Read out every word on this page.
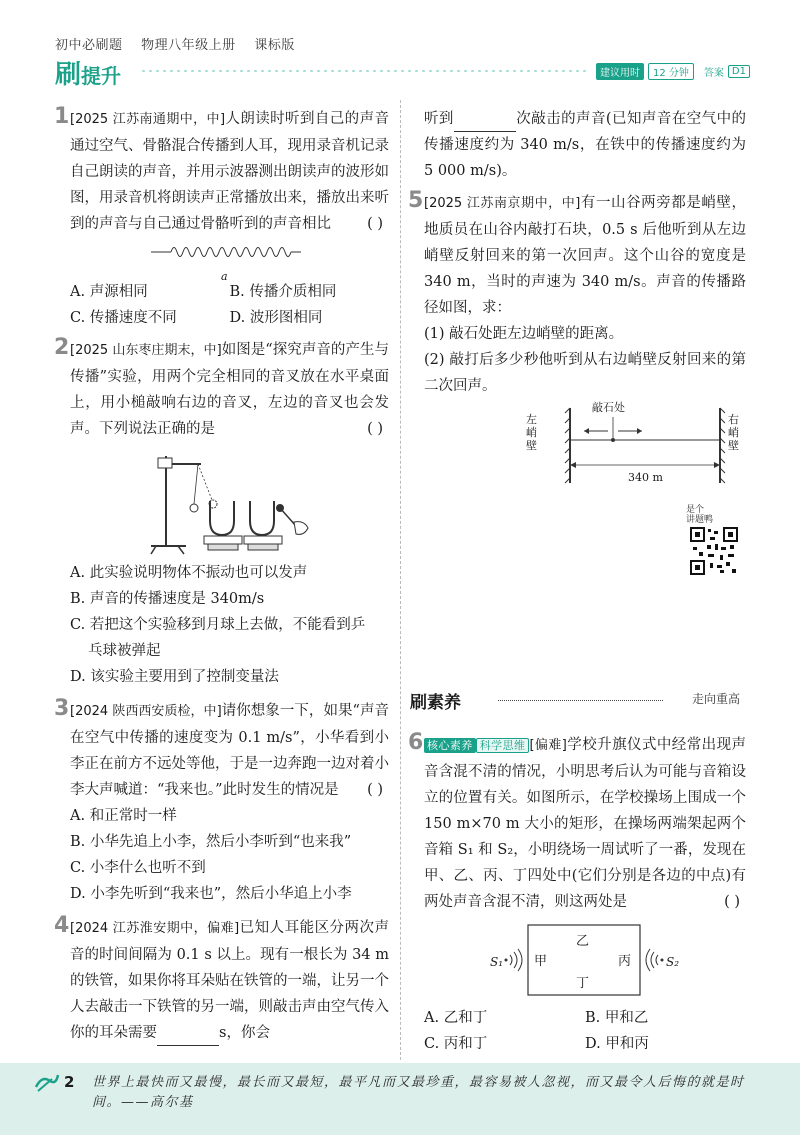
初中必刷题 物理八年级上册 课标版
刷提升	建议用时	12 分钟	答案 D1
1 [2025 江苏南通期中，中]人朗读时听到自己的声音通过空气、骨骼混合传播到人耳，现用录音机记录自己朗读的声音，并用示波器测出朗读声的波形如图，用录音机将朗读声正常播放出来，播放出来听到的声音与自己通过骨骼听到的声音相比 ( )
a
A. 声源相同	B. 传播介质相同
C. 传播速度不同	D. 波形图相同
2 [2025 山东枣庄期末，中]如图是“探究声音的产生与传播”实验，用两个完全相同的音叉放在水平桌面上，用小槌敲响右边的音叉，左边的音叉也会发声。下列说法正确的是	( )
A. 此实验说明物体不振动也可以发声
B. 声音的传播速度是 340m/s
C. 若把这个实验移到月球上去做，不能看到乒
乓球被弹起
D. 该实验主要用到了控制变量法
3 [2024 陕西西安质检，中]请你想象一下，如果“声音在空气中传播的速度变为 0.1 m/s”，小华看到小李正在前方不远处等他，于是一边奔跑一边对着小李大声喊道：“我来也。”此时发生的情况是 ( )
A. 和正常时一样
B. 小华先追上小李，然后小李听到“也来我”
C. 小李什么也听不到
D. 小李先听到“我来也”，然后小华追上小李
4 [2024 江苏淮安期中，偏难]已知人耳能区分两次声音的时间间隔为 0.1 s 以上。现有一根长为 34 m 的铁管，如果你将耳朵贴在铁管的一端，让另一个人去敲击一下铁管的另一端，则敲击声由空气传入你的耳朵需要	s，你会
听到	次敲击的声音(已知声音在空气中的传播速度约为 340 m/s，在铁中的传播速度约为 5 000 m/s)。
5 [2025 江苏南京期中，中]有一山谷两旁都是峭壁，地质员在山谷内敲打石块，0.5 s 后他听到从左边峭壁反射回来的第一次回声。这个山谷的宽度是 340 m，当时的声速为 340 m/s。声音的传播路径如图，求：
(1) 敲石处距左边峭壁的距离。
(2) 敲打后多少秒他听到从右边峭壁反射回来的第二次回声。
左峭壁
右峭壁
敲石处
340 m
是个
讲题鸭
刷素养	走向重高
6 核心素养 科学思维 [偏难]学校升旗仪式中经常出现声音含混不清的情况，小明思考后认为可能与音箱设立的位置有关。如图所示，在学校操场上围成一个 150 m×70 m 大小的矩形，在操场两端架起两个音箱 S₁ 和 S₂，小明绕场一周试听了一番，发现在甲、乙、丙、丁四处中(它们分别是各边的中点)有两处声音含混不清，则这两处是	( )
乙
丁
甲	丙
S₁	S₂
A. 乙和丁	B. 甲和乙
C. 丙和丁	D. 甲和丙
2 世界上最快而又最慢，最长而又最短，最平凡而又最珍重，最容易被人忽视，而又最令人后悔的就是时间。——高尔基
